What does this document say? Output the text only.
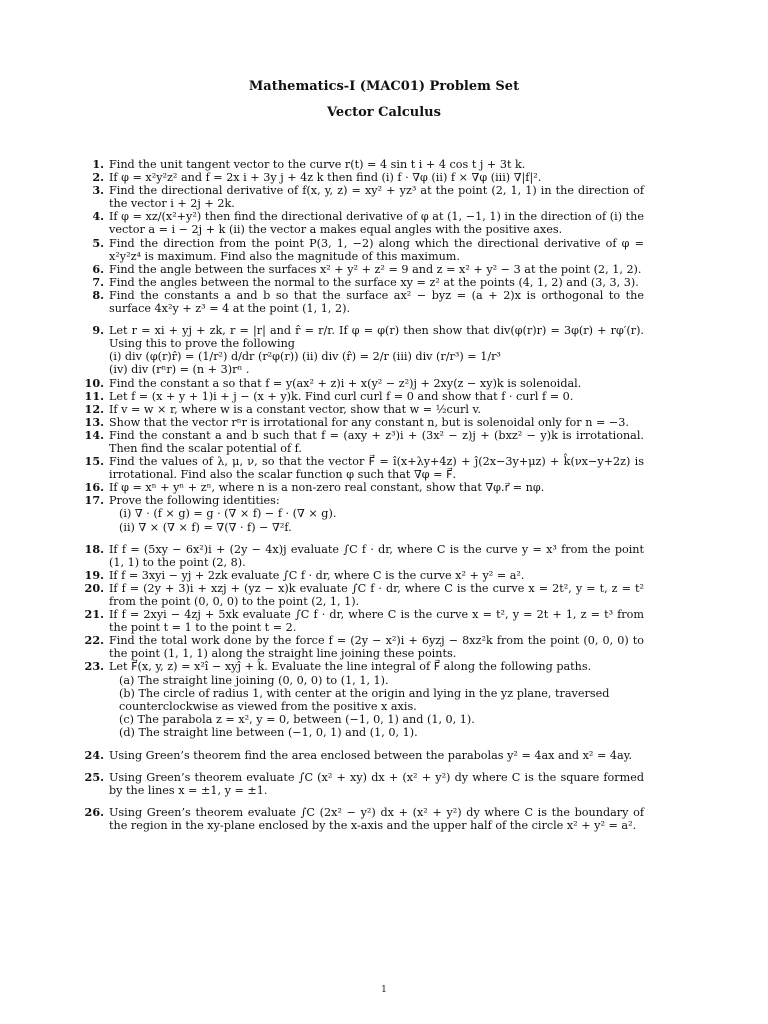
Mathematics-I (MAC01) Problem Set
Vector Calculus
1. Find the unit tangent vector to the curve r(t) = 4 sin t i + 4 cos t j + 3t k.
2. If φ = x²y²z² and f = 2x i + 3y j + 4z k then find (i) f · ∇φ (ii) f × ∇φ (iii) ∇|f|².
3. Find the directional derivative of f(x, y, z) = xy² + yz³ at the point (2, 1, 1) in the direction of the vector i + 2j + 2k.
4. If φ = xz/(x²+y²) then find the directional derivative of φ at (1, −1, 1) in the direction of (i) the vector a = i − 2j + k (ii) the vector a makes equal angles with the positive axes.
5. Find the direction from the point P(3, 1, −2) along which the directional derivative of φ = x²y²z⁴ is maximum. Find also the magnitude of this maximum.
6. Find the angle between the surfaces x² + y² + z² = 9 and z = x² + y² − 3 at the point (2, 1, 2).
7. Find the angles between the normal to the surface xy = z² at the points (4, 1, 2) and (3, 3, 3).
8. Find the constants a and b so that the surface ax² − byz = (a + 2)x is orthogonal to the surface 4x²y + z³ = 4 at the point (1, 1, 2).
9. Let r = xi + yj + zk, r = |r| and r̂ = r/r. If φ = φ(r) then show that div(φ(r)r) = 3φ(r) + rφ′(r). Using this to prove the following
(i) div (φ(r)r̂) = (1/r²) d/dr (r²φ(r)) (ii) div (r̂) = 2/r (iii) div (r/r³) = 1/r³
(iv) div (rⁿr) = (n + 3)rⁿ .
10. Find the constant a so that f = y(ax² + z)i + x(y² − z²)j + 2xy(z − xy)k is solenoidal.
11. Let f = (x + y + 1)i + j − (x + y)k. Find curl curl f = 0 and show that f · curl f = 0.
12. If v = w × r, where w is a constant vector, show that w = ½curl v.
13. Show that the vector rⁿr is irrotational for any constant n, but is solenoidal only for n = −3.
14. Find the constant a and b such that f = (axy + z³)i + (3x² − z)j + (bxz² − y)k is irrotational. Then find the scalar potential of f.
15. Find the values of λ, μ, ν, so that the vector F⃗ = î(x+λy+4z) + ĵ(2x−3y+μz) + k̂(νx−y+2z) is irrotational. Find also the scalar function φ such that ∇φ = F⃗.
16. If φ = xⁿ + yⁿ + zⁿ, where n is a non-zero real constant, show that ∇φ.r⃗ = nφ.
17. Prove the following identities:
(i) ∇ · (f × g) = g · (∇ × f) − f · (∇ × g).
(ii) ∇ × (∇ × f) = ∇(∇ · f) − ∇²f.
18. If f = (5xy − 6x²)i + (2y − 4x)j evaluate ∫C f · dr, where C is the curve y = x³ from the point (1, 1) to the point (2, 8).
19. If f = 3xyi − yj + 2zk evaluate ∫C f · dr, where C is the curve x² + y² = a².
20. If f = (2y + 3)i + xzj + (yz − x)k evaluate ∫C f · dr, where C is the curve x = 2t², y = t, z = t² from the point (0, 0, 0) to the point (2, 1, 1).
21. If f = 2xyi − 4zj + 5xk evaluate ∫C f · dr, where C is the curve x = t², y = 2t + 1, z = t³ from the point t = 1 to the point t = 2.
22. Find the total work done by the force f = (2y − x²)i + 6yzj − 8xz²k from the point (0, 0, 0) to the point (1, 1, 1) along the straight line joining these points.
23. Let F⃗(x, y, z) = x²î − xyĵ + k̂. Evaluate the line integral of F⃗ along the following paths.
(a) The straight line joining (0, 0, 0) to (1, 1, 1).
(b) The circle of radius 1, with center at the origin and lying in the yz plane, traversed counterclockwise as viewed from the positive x axis.
(c) The parabola z = x², y = 0, between (−1, 0, 1) and (1, 0, 1).
(d) The straight line between (−1, 0, 1) and (1, 0, 1).
24. Using Green’s theorem find the area enclosed between the parabolas y² = 4ax and x² = 4ay.
25. Using Green’s theorem evaluate ∫C (x² + xy) dx + (x² + y²) dy where C is the square formed by the lines x = ±1, y = ±1.
26. Using Green’s theorem evaluate ∫C (2x² − y²) dx + (x² + y²) dy where C is the boundary of the region in the xy-plane enclosed by the x-axis and the upper half of the circle x² + y² = a².
1
